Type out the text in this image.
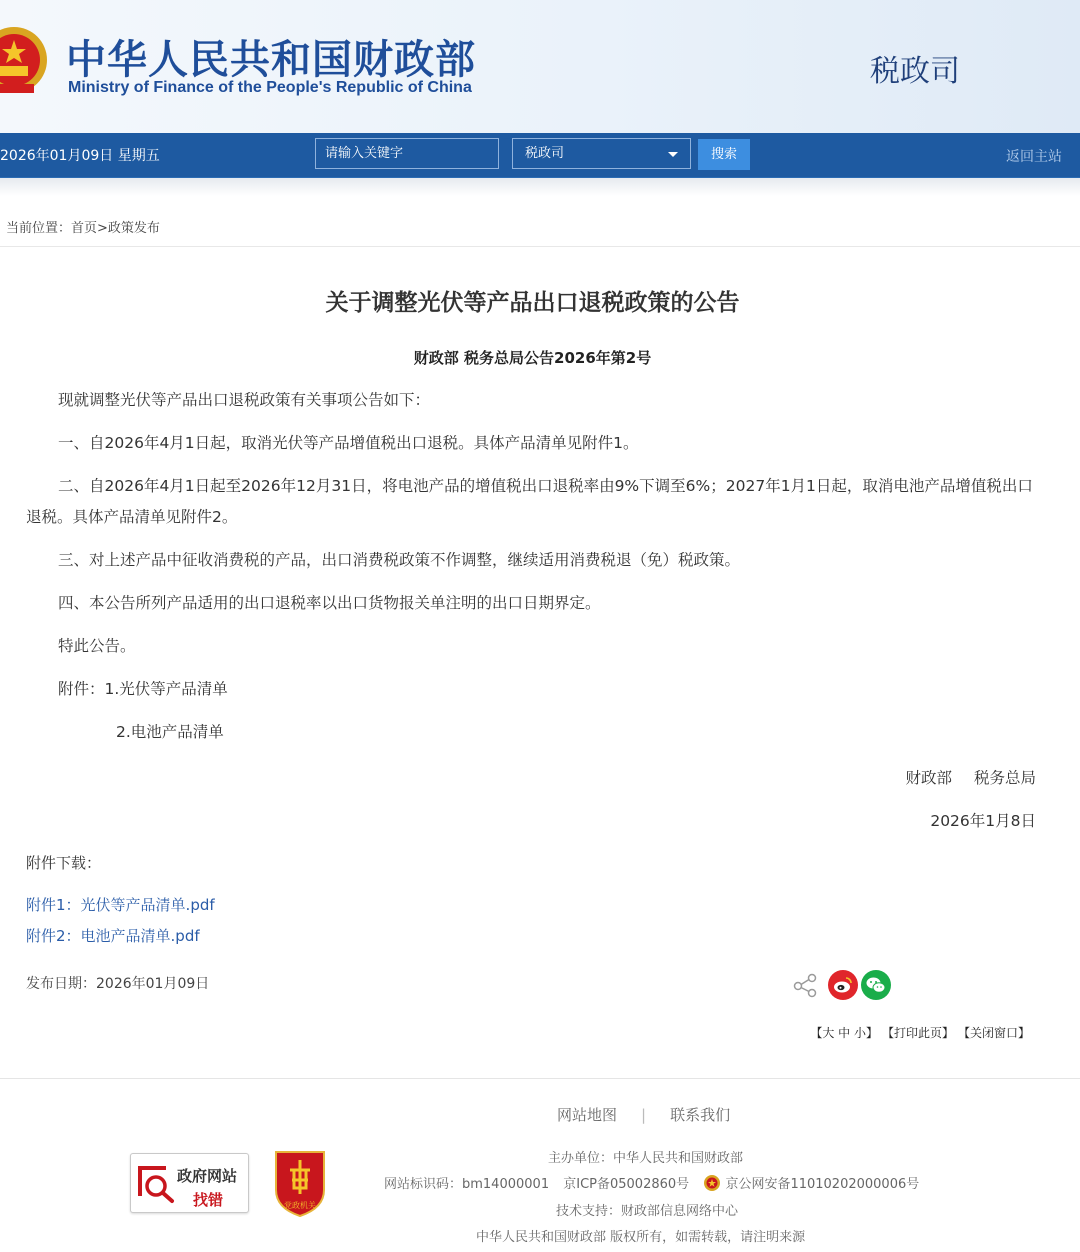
中华人民共和国财政部
Ministry of Finance of the People's Republic of China	税政司
2026年01月09日 星期五
请输入关键字	税政司	搜索	返回主站
当前位置：首页>政策发布
关于调整光伏等产品出口退税政策的公告
财政部 税务总局公告2026年第2号
现就调整光伏等产品出口退税政策有关事项公告如下：
一、自2026年4月1日起，取消光伏等产品增值税出口退税。具体产品清单见附件1。
二、自2026年4月1日起至2026年12月31日，将电池产品的增值税出口退税率由9%下调至6%；2027年1月1日起，取消电池产品增值税出口退税。具体产品清单见附件2。
三、对上述产品中征收消费税的产品，出口消费税政策不作调整，继续适用消费税退（免）税政策。
四、本公告所列产品适用的出口退税率以出口货物报关单注明的出口日期界定。
特此公告。
附件：1.光伏等产品清单
2.电池产品清单
财政部 税务总局
2026年1月8日
附件下载：
附件1：光伏等产品清单.pdf
附件2：电池产品清单.pdf
发布日期：2026年01月09日
【大 中 小】 【打印此页】 【关闭窗口】
网站地图 | 联系我们
政府网站
找错	党政机关
主办单位：中华人民共和国财政部
网站标识码：bm14000001 京ICP备05002860号	京公网安备11010202000006号
技术支持：财政部信息网络中心
中华人民共和国财政部 版权所有，如需转载，请注明来源
